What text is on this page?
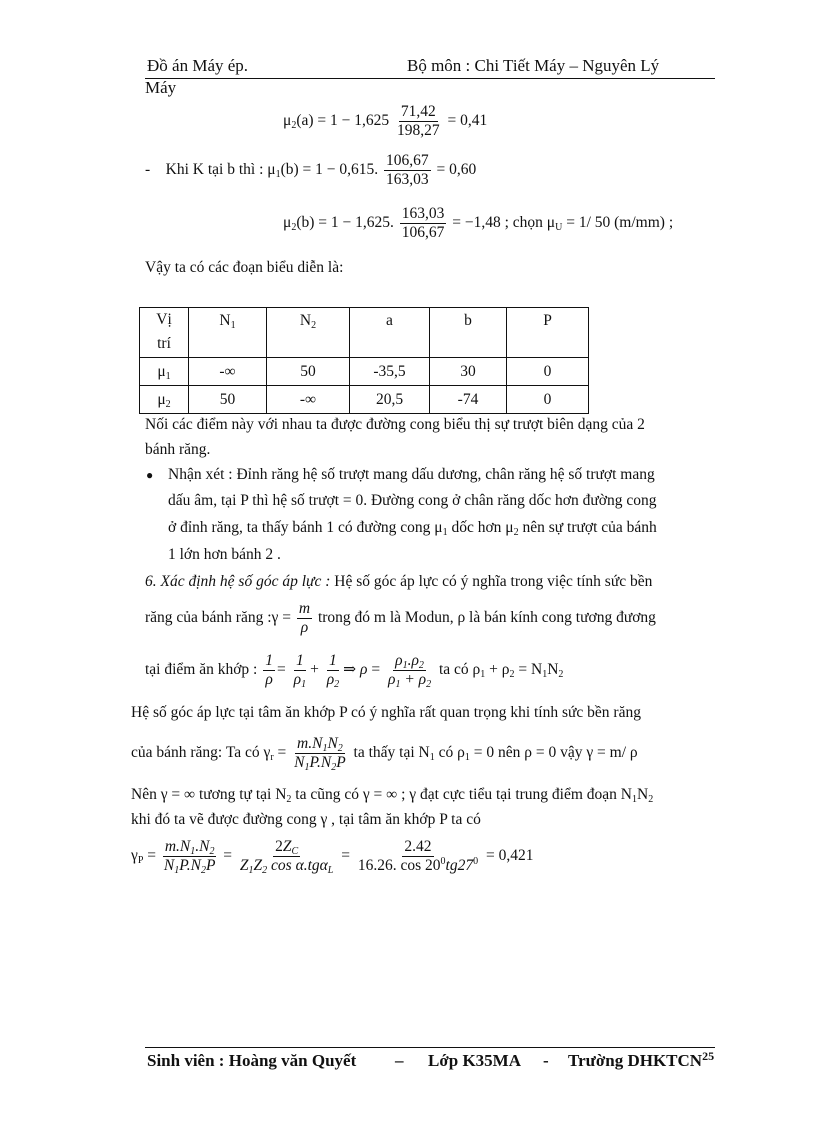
Đồ án Máy ép.	Bộ môn : Chi Tiết Máy – Nguyên Lý
Máy
$\mu_2(a) = 1 - 1,625 \frac{71,42}{198,27} = 0,41$
- Khi K tại b thì : $\mu_1(b) = 1 - 0,615$. $\frac{106,67}{163,03} = 0,60$
$\mu_2(b) = 1 - 1,625$. $\frac{163,03}{106,67} = -1,48$ ; chọn $\mu_U = 1/$ 50 (m/mm) ;
Vậy ta có các đoạn biểu diễn là:
Vị
trí	$N_1$	$N_2$	a	b	P
$\mu_1$	-∞	50	-35,5	30	0
$\mu_2$	50	-∞	20,5	-74	0
Nối các điểm này với nhau ta được đường cong biểu thị sự trượt biên dạng của 2
bánh răng.
● Nhận xét : Đỉnh răng hệ số trượt mang dấu dương, chân răng hệ số trượt mang
dấu âm, tại P thì hệ số trượt = 0. Đường cong ở chân răng dốc hơn đường cong
ở đỉnh răng, ta thấy bánh 1 có đường cong $\mu_1$ dốc hơn $\mu_2$ nên sự trượt của bánh
1 lớn hơn bánh 2 .
6. Xác định hệ số góc áp lực : Hệ số góc áp lực có ý nghĩa trong việc tính sức bền
răng của bánh răng :γ = $\frac{m}{\rho}$ trong đó m là Modun, ρ là bán kính cong tương đương
tại điểm ăn khớp : $\frac{1}{\rho} = \frac{1}{\rho_1} + \frac{1}{\rho_2}$ ⇒ $\rho = \frac{\rho_1.\rho_2}{\rho_1 + \rho_2}$ ta có $\rho_1 + \rho_2 = N_1N_2$
Hệ số góc áp lực tại tâm ăn khớp P có ý nghĩa rất quan trọng khi tính sức bền răng
của bánh răng: Ta có $\gamma_r = \frac{m.N_1N_2}{N_1P.N_2P}$ ta thấy tại $N_1$ có $\rho_1 = 0$ nên ρ = 0 vậy γ = m/ ρ
Nên γ = ∞ tương tự tại $N_2$ ta cũng có γ = ∞ ; γ đạt cực tiểu tại trung điểm đoạn $N_1N_2$
khi đó ta vẽ được đường cong γ , tại tâm ăn khớp P ta có
$\gamma_P = \frac{m.N_1.N_2}{N_1P.N_2P} = \frac{2Z_C}{Z_1Z_2 \cos \alpha.tg\alpha_L} = \frac{2.42}{16.26. \cos 20^0tg27^0} = 0,421$
Sinh viên : Hoàng văn Quyết – Lớp K35MA - Trường DHKTCN$^{25}$
